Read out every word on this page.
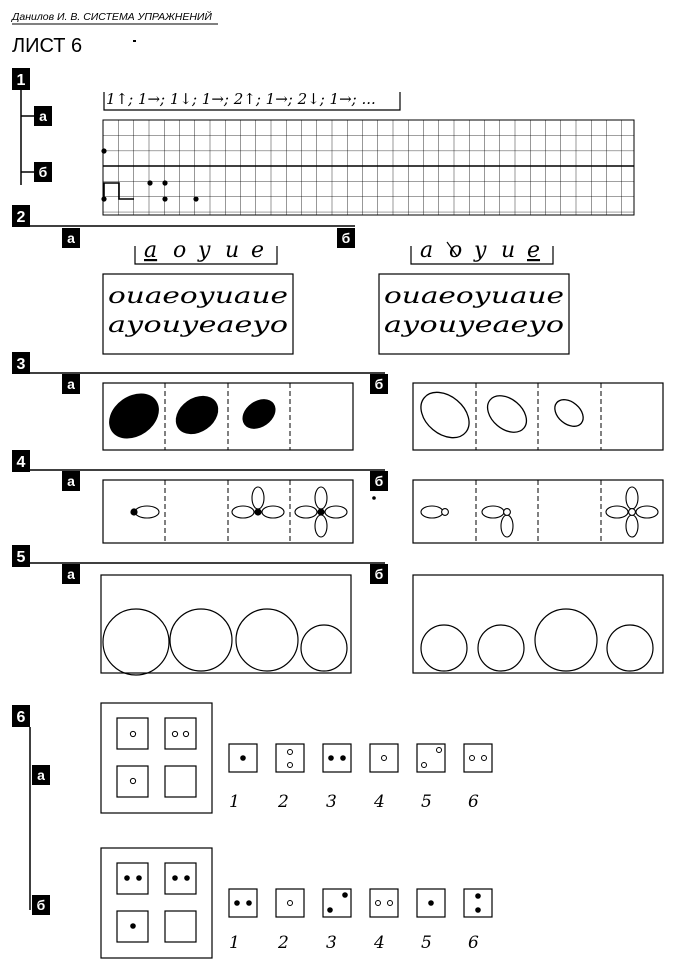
Данилов И. В. СИСТЕМА УПРАЖНЕНИЙ
ЛИСТ 6
1
а
б
1↑; 1→; 1↓; 1→; 2↑; 1→; 2↓; 1→; ...
2
а	б
а о у и е
оиаеоуиаие
ауоиуеаеуо
а о у и е
оиаеоуиаие
ауоиуеаеуо
3
а	б
4
а	б
5
а	б
6
а
б
1 2 3 4 5 6
1 2 3 4 5 6
